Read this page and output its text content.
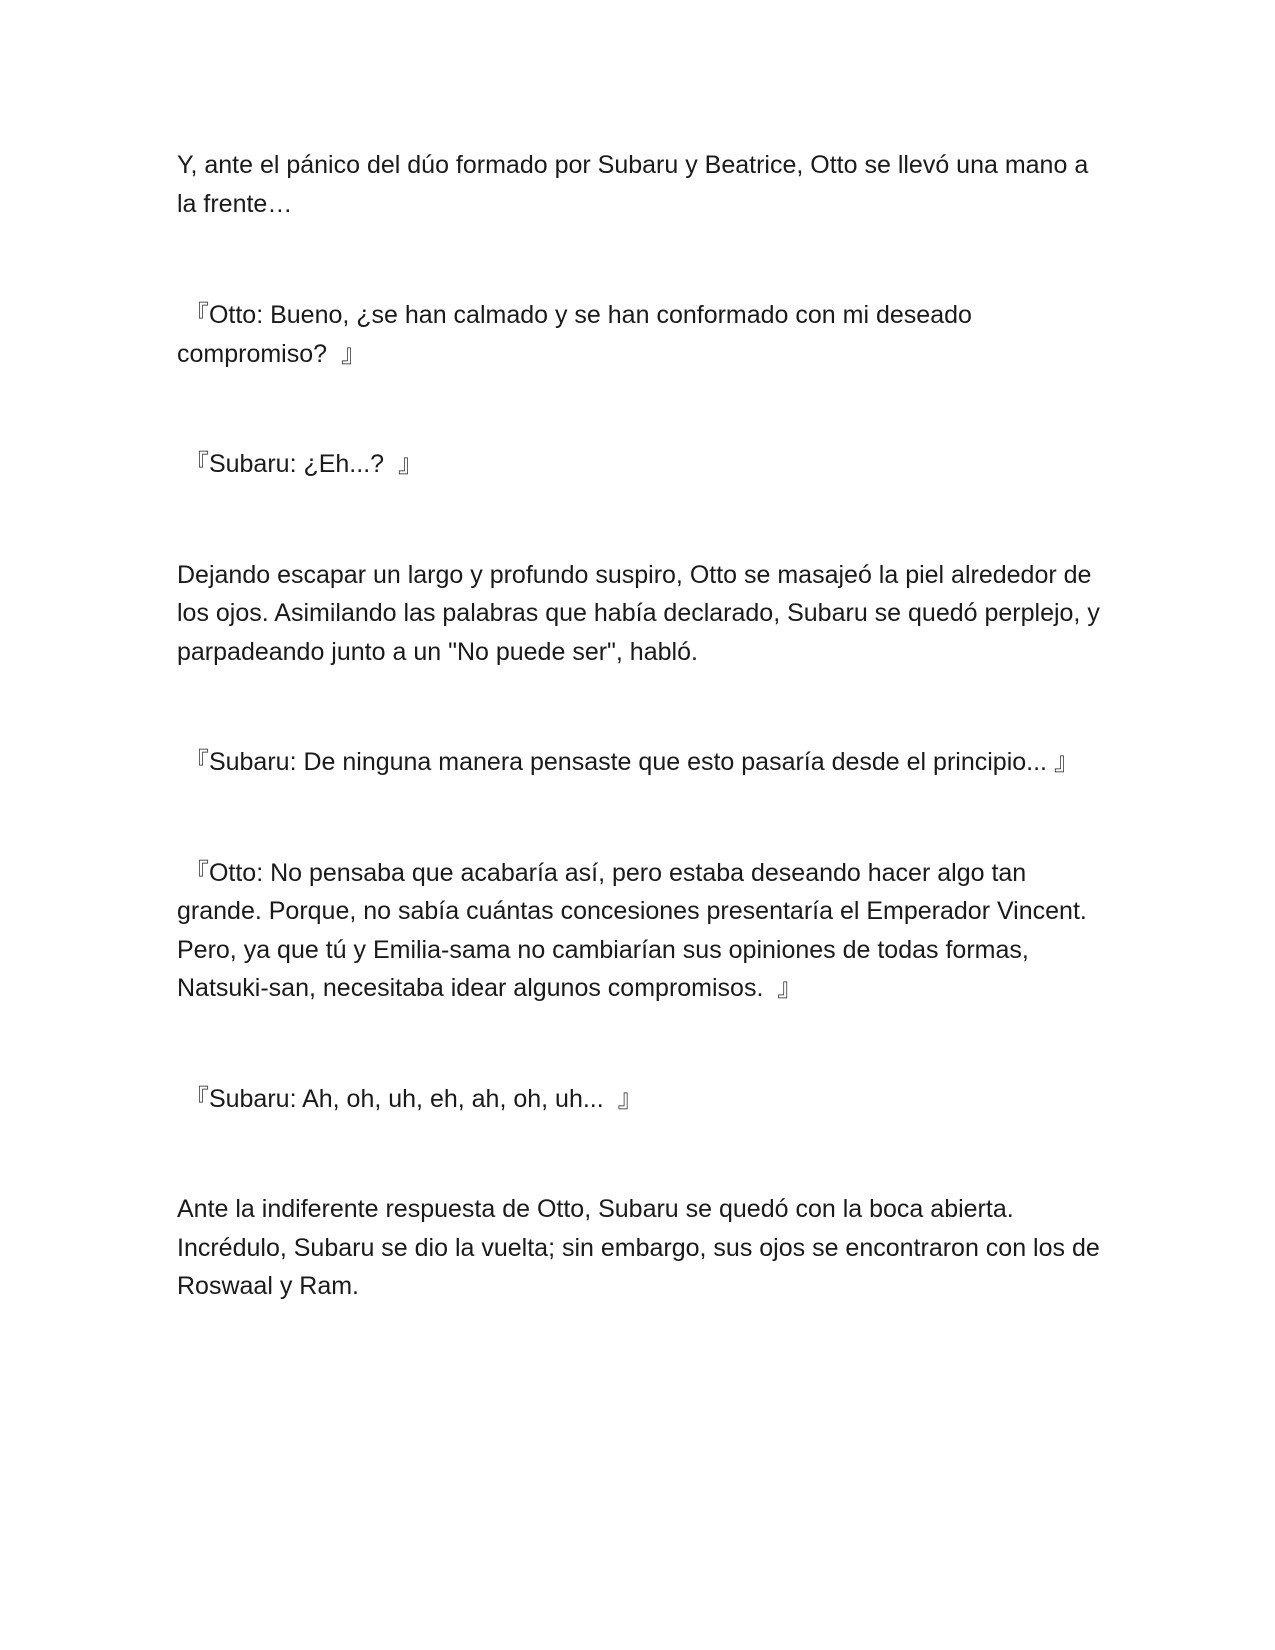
Y, ante el pánico del dúo formado por Subaru y Beatrice, Otto se llevó una mano a la frente…

『Otto: Bueno, ¿se han calmado y se han conformado con mi deseado compromiso?  』

『Subaru: ¿Eh...?  』

Dejando escapar un largo y profundo suspiro, Otto se masajeó la piel alrededor de los ojos. Asimilando las palabras que había declarado, Subaru se quedó perplejo, y parpadeando junto a un "No puede ser", habló.

『Subaru: De ninguna manera pensaste que esto pasaría desde el principio... 』

『Otto: No pensaba que acabaría así, pero estaba deseando hacer algo tan grande. Porque, no sabía cuántas concesiones presentaría el Emperador Vincent. Pero, ya que tú y Emilia-sama no cambiarían sus opiniones de todas formas, Natsuki-san, necesitaba idear algunos compromisos.  』

『Subaru: Ah, oh, uh, eh, ah, oh, uh...  』

Ante la indiferente respuesta de Otto, Subaru se quedó con la boca abierta. Incrédulo, Subaru se dio la vuelta; sin embargo, sus ojos se encontraron con los de Roswaal y Ram.
